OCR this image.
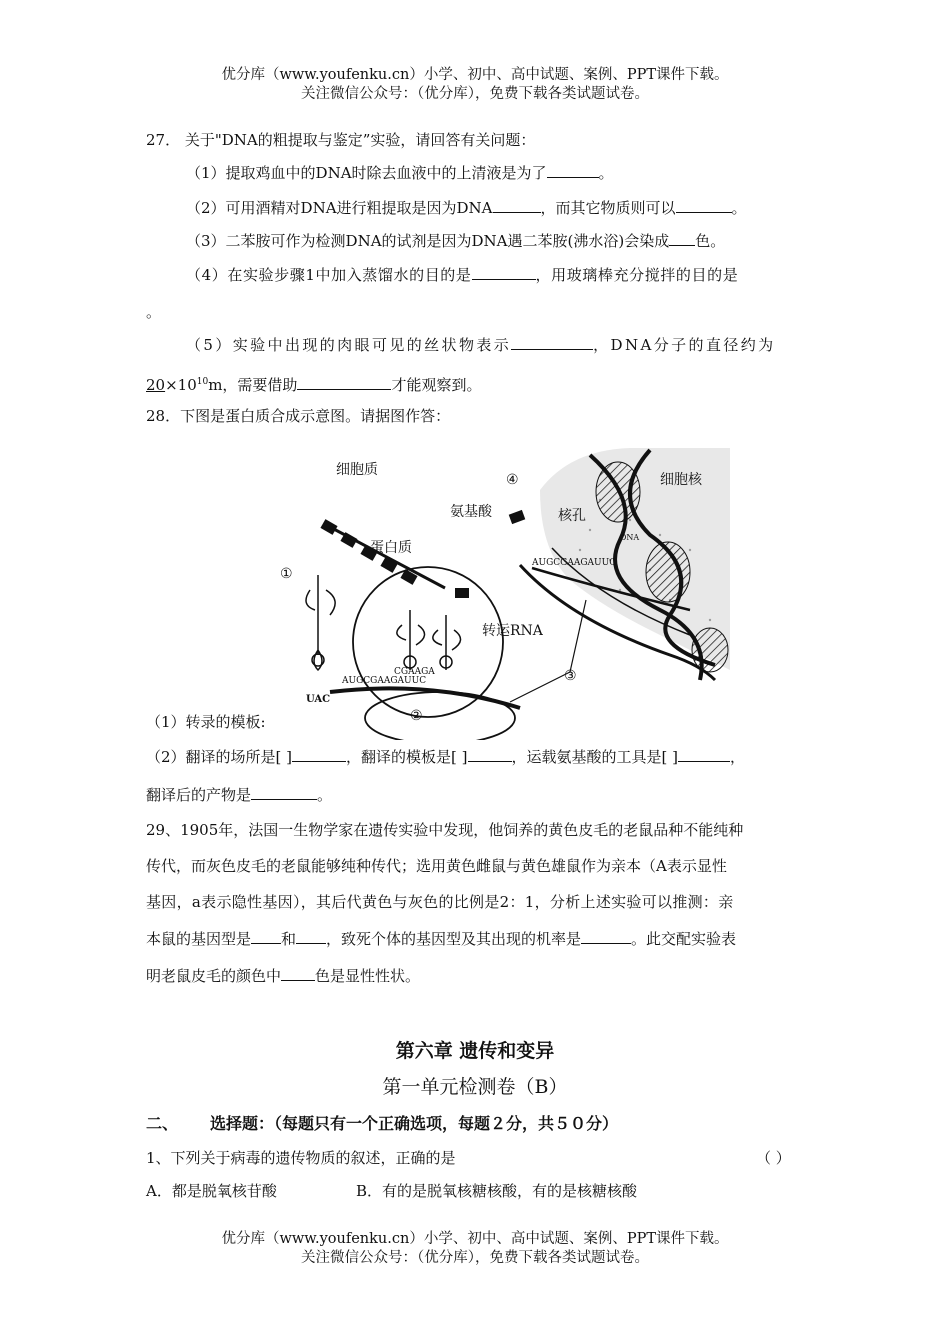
优分库（www.youfenku.cn）小学、初中、高中试题、案例、PPT课件下载。
关注微信公众号：（优分库），免费下载各类试题试卷。
27． 关于"DNA的粗提取与鉴定”实验，请回答有关问题：
（1）提取鸡血中的DNA时除去血液中的上清液是为了	。
（2）可用酒精对DNA进行粗提取是因为DNA	，而其它物质则可以	。
（3）二苯胺可作为检测DNA的试剂是因为DNA遇二苯胺(沸水浴)会染成 色。
（4）在实验步骤1中加入蒸馏水的目的是	，用玻璃棒充分搅拌的目的是
。
（5）实验中出现的肉眼可见的丝状物表示	，DNA分子的直径约为
$20\times 10^{10}m$，需要借助	才能观察到。
28．下图是蛋白质合成示意图。请据图作答：
AUGCGAAGAUUC
AUGCGAAGAUUC
UAC
CGAAGA
细胞质
细胞核
氨基酸	核孔
蛋白质
转运RNA
DNA
①
②
③
④
（1）转录的模板:
（2）翻译的场所是[ ]	，翻译的模板是[ ]	，运载氨基酸的工具是[ ]	，
翻译后的产物是	。
29、1905年，法国一生物学家在遗传实验中发现，他饲养的黄色皮毛的老鼠品种不能纯种
传代，而灰色皮毛的老鼠能够纯种传代；选用黄色雌鼠与黄色雄鼠作为亲本（A表示显性
基因，a表示隐性基因），其后代黄色与灰色的比例是2：1，分析上述实验可以推测：亲
本鼠的基因型是 和 ，致死个体的基因型及其出现的机率是	。此交配实验表
明老鼠皮毛的颜色中 色是显性性状。
第六章 遗传和变异
第一单元检测卷（B）
二、 选择题：（每题只有一个正确选项，每题２分，共５０分）
1、下列关于病毒的遗传物质的叙述，正确的是	（ ）
A．都是脱氧核苷酸	B．有的是脱氧核糖核酸，有的是核糖核酸
优分库（www.youfenku.cn）小学、初中、高中试题、案例、PPT课件下载。
关注微信公众号：（优分库），免费下载各类试题试卷。
